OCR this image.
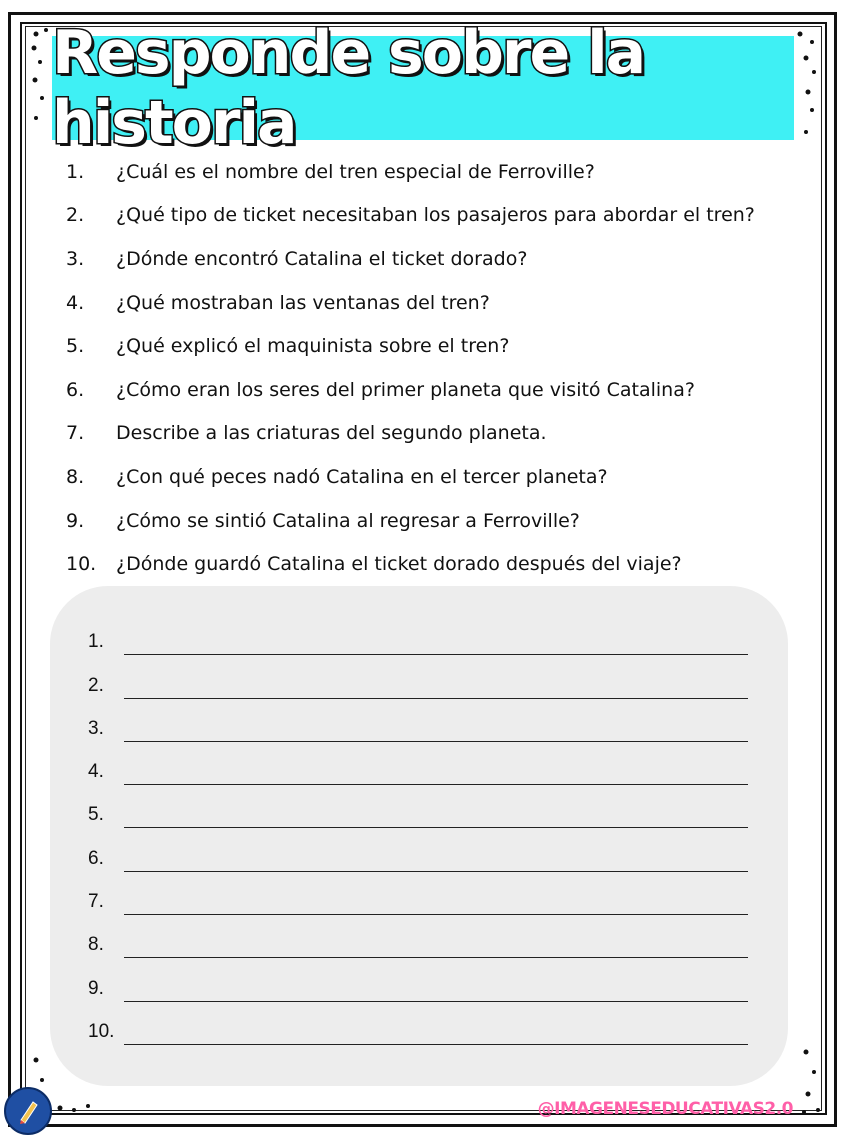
Responde sobre la historia
1.	¿Cuál es el nombre del tren especial de Ferroville?
2.	¿Qué tipo de ticket necesitaban los pasajeros para abordar el tren?
3.	¿Dónde encontró Catalina el ticket dorado?
4.	¿Qué mostraban las ventanas del tren?
5.	¿Qué explicó el maquinista sobre el tren?
6.	¿Cómo eran los seres del primer planeta que visitó Catalina?
7.	Describe a las criaturas del segundo planeta.
8.	¿Con qué peces nadó Catalina en el tercer planeta?
9.	¿Cómo se sintió Catalina al regresar a Ferroville?
10.	¿Dónde guardó Catalina el ticket dorado después del viaje?
1.
2.
3.
4.
5.
6.
7.
8.
9.
10.
@IMAGENESEDUCATIVAS2.0
